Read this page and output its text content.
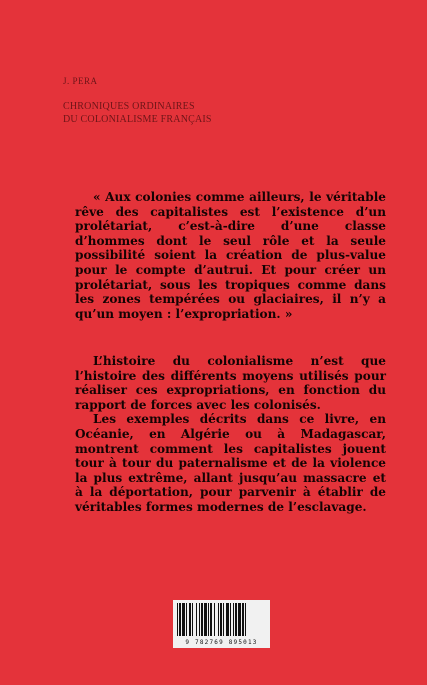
J. PERA
CHRONIQUES ORDINAIRES
DU COLONIALISME FRANÇAIS

« Aux colonies comme ailleurs, le véritable rêve des capitalistes est l’existence d’un prolétariat, c’est-à-dire d’une classe d’hommes dont le seul rôle et la seule possibilité soient la création de plus-value pour le compte d’autrui. Et pour créer un prolétariat, sous les tropiques comme dans les zones tempérées ou glaciaires, il n’y a qu’un moyen : l’expropriation. »

L’histoire du colonialisme n’est que l’histoire des différents moyens utilisés pour réaliser ces expropriations, en fonction du rapport de forces avec les colonisés.

Les exemples décrits dans ce livre, en Océanie, en Algérie ou à Madagascar, montrent comment les capitalistes jouent tour à tour du paternalisme et de la violence la plus extrême, allant jusqu’au massacre et à la déportation, pour parvenir à établir de véritables formes modernes de l’esclavage.

9 782769 895013
